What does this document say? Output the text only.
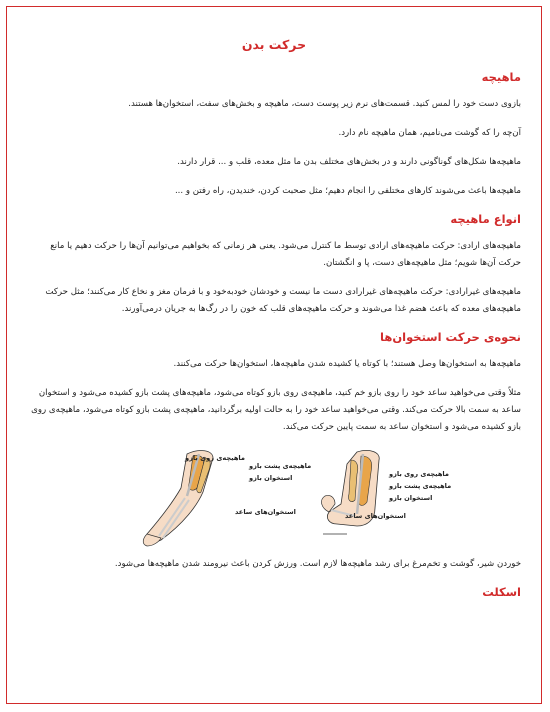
حرکت بدن
ماهیچه

بازوی دست خود را لمس کنید. قسمت‌های نرم زیر پوست دست، ماهیچه و بخش‌های سفت، استخوان‌ها هستند.

آن‌چه را که گوشت می‌نامیم، همان ماهیچه نام دارد.

ماهیچه‌ها شکل‌های گوناگونی دارند و در بخش‌های مختلف بدن ما مثل معده، قلب و ... قرار دارند.

ماهیچه‌ها باعث می‌شوند کارهای مختلفی را انجام دهیم؛ مثل صحبت کردن، خندیدن، راه رفتن و ...

انواع ماهیچه

ماهیچه‌های ارادی: حرکت ماهیچه‌های ارادی توسط ما کنترل می‌شود. یعنی هر زمانی که بخواهیم می‌توانیم آن‌ها را حرکت دهیم یا مانع حرکت آن‌ها شویم؛ مثل ماهیچه‌های دست، پا و انگشتان.

ماهیچه‌های غیرارادی: حرکت ماهیچه‌های غیرارادی دست ما نیست و خودشان خودبه‌خود و با فرمان مغز و نخاع کار می‌کنند؛ مثل حرکت ماهیچه‌های معده که باعث هضم غذا می‌شوند و حرکت ماهیچه‌های قلب که خون را در رگ‌ها به جریان درمی‌آورند.

نحوه‌ی حرکت استخوان‌ها

ماهیچه‌ها به استخوان‌ها وصل هستند؛ با کوتاه یا کشیده شدن ماهیچه‌ها، استخوان‌ها حرکت می‌کنند.

مثلاً وقتی می‌خواهید ساعد خود را روی بازو خم کنید، ماهیچه‌ی روی بازو کوتاه می‌شود، ماهیچه‌های پشت بازو کشیده می‌شود و استخوان ساعد به سمت بالا حرکت می‌کند. وقتی می‌خواهید ساعد خود را به حالت اولیه برگردانید، ماهیچه‌ی پشت بازو کوتاه می‌شود، ماهیچه‌ی روی بازو کشیده می‌شود و استخوان ساعد به سمت پایین حرکت می‌کند.

ماهیچه‌ی روی بازو
ماهیچه‌ی پشت بازو
استخوان بازو
استخوان‌های ساعد
ماهیچه‌ی روی بازو
ماهیچه‌ی پشت بازو
استخوان بازو
استخوان‌های ساعد

خوردن شیر، گوشت و تخم‌مرغ برای رشد ماهیچه‌ها لازم است. ورزش کردن باعث نیرومند شدن ماهیچه‌ها می‌شود.

اسکلت
